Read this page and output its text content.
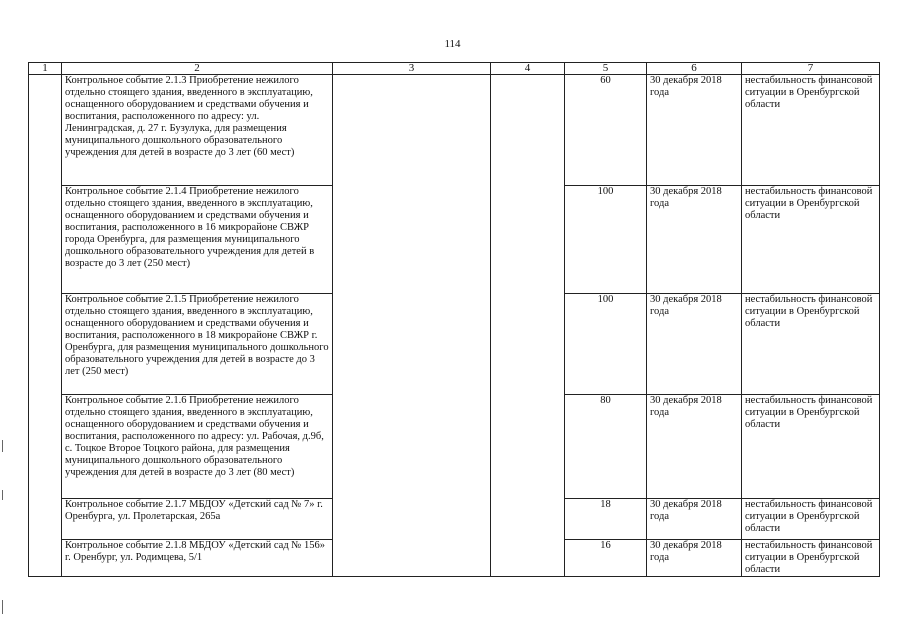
114
1	2	3	4	5	6	7
	Контрольное событие 2.1.3 Приобретение нежилого отдельно стоящего здания, введенного в эксплуатацию, оснащенного оборудованием и средствами обучения и воспитания, расположенного по адресу: ул. Ленинградская, д. 27 г. Бузулука, для размещения муниципального дошкольного образовательного учреждения для детей в возрасте до 3 лет (60 мест)			60	30 декабря 2018 года	нестабильность финансовой ситуации в Оренбургской области
	Контрольное событие 2.1.4 Приобретение нежилого отдельно стоящего здания, введенного в эксплуатацию, оснащенного оборудованием и средствами обучения и воспитания, расположенного в 16 микрорайоне СВЖР города Оренбурга, для размещения муниципального дошкольного образовательного учреждения для детей в возрасте до 3 лет (250 мест)			100	30 декабря 2018 года	нестабильность финансовой ситуации в Оренбургской области
	Контрольное событие 2.1.5 Приобретение нежилого отдельно стоящего здания, введенного в эксплуатацию, оснащенного оборудованием и средствами обучения и воспитания, расположенного в 18 микрорайоне СВЖР г. Оренбурга, для размещения муниципального дошкольного образовательного учреждения для детей в возрасте до 3 лет (250 мест)			100	30 декабря 2018 года	нестабильность финансовой ситуации в Оренбургской области
	Контрольное событие 2.1.6 Приобретение нежилого отдельно стоящего здания, введенного в эксплуатацию, оснащенного оборудованием и средствами обучения и воспитания, расположенного по адресу: ул. Рабочая, д.9б, с. Тоцкое Второе Тоцкого района, для размещения муниципального дошкольного образовательного учреждения для детей в возрасте до 3 лет (80 мест)			80	30 декабря 2018 года	нестабильность финансовой ситуации в Оренбургской области
	Контрольное событие 2.1.7 МБДОУ «Детский сад № 7» г. Оренбурга, ул. Пролетарская, 265а			18	30 декабря 2018 года	нестабильность финансовой ситуации в Оренбургской области
	Контрольное событие 2.1.8 МБДОУ «Детский сад № 156» г. Оренбург, ул. Родимцева, 5/1			16	30 декабря 2018 года	нестабильность финансовой ситуации в Оренбургской области
